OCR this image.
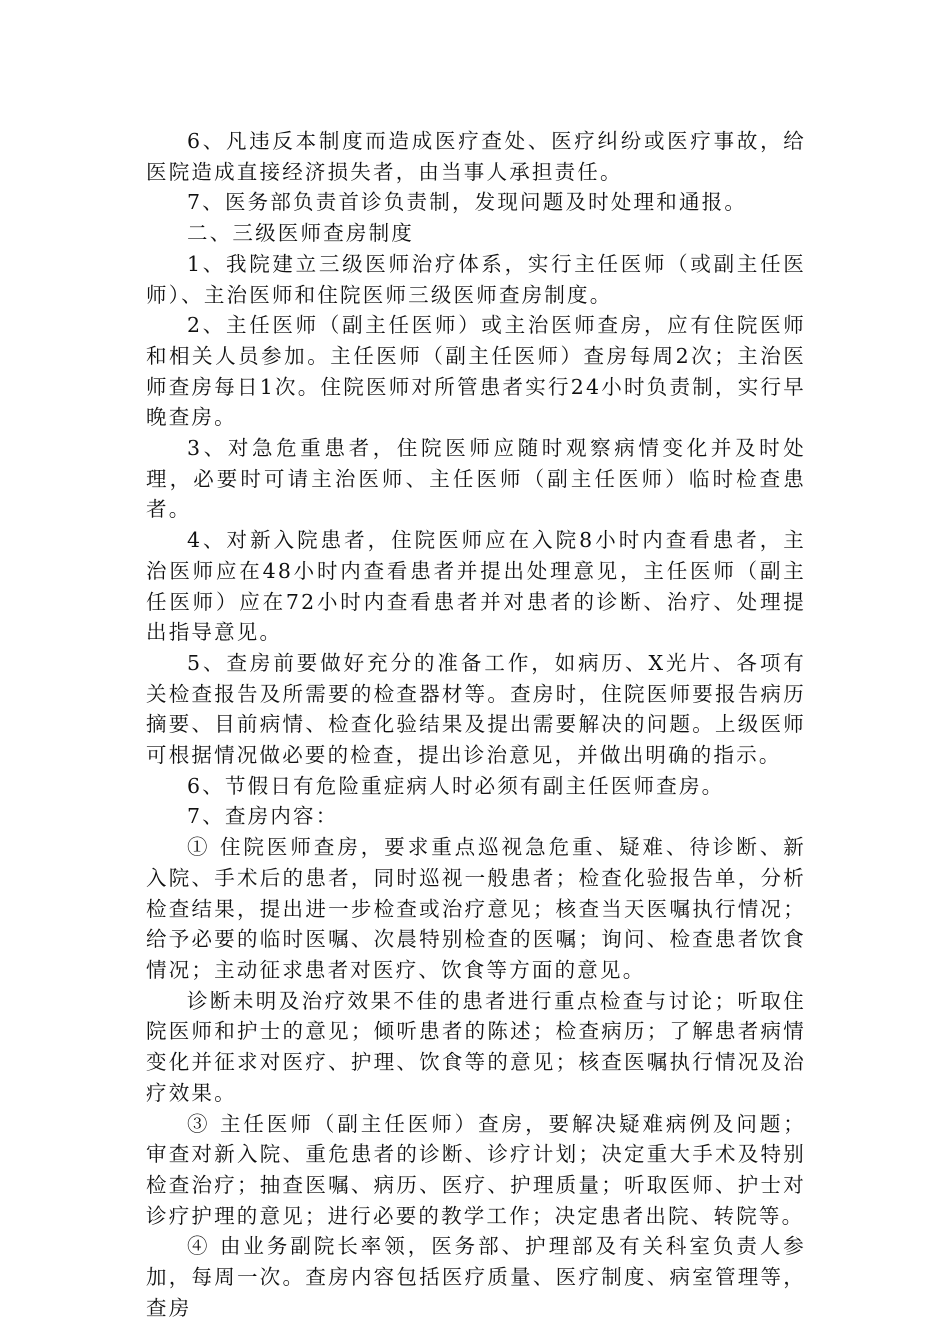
6、凡违反本制度而造成医疗查处、医疗纠纷或医疗事故，给医院造成直接经济损失者，由当事人承担责任。

7、医务部负责首诊负责制，发现问题及时处理和通报。

二、三级医师查房制度

1、我院建立三级医师治疗体系，实行主任医师（或副主任医师）、主治医师和住院医师三级医师查房制度。

2、主任医师（副主任医师）或主治医师查房，应有住院医师和相关人员参加。主任医师（副主任医师）查房每周2次；主治医师查房每日1次。住院医师对所管患者实行24小时负责制，实行早晚查房。

3、对急危重患者，住院医师应随时观察病情变化并及时处理，必要时可请主治医师、主任医师（副主任医师）临时检查患者。

4、对新入院患者，住院医师应在入院8小时内查看患者，主治医师应在48小时内查看患者并提出处理意见，主任医师（副主任医师）应在72小时内查看患者并对患者的诊断、治疗、处理提出指导意见。

5、查房前要做好充分的准备工作，如病历、X光片、各项有关检查报告及所需要的检查器材等。查房时，住院医师要报告病历摘要、目前病情、检查化验结果及提出需要解决的问题。上级医师可根据情况做必要的检查，提出诊治意见，并做出明确的指示。

6、节假日有危险重症病人时必须有副主任医师查房。

7、查房内容：

① 住院医师查房，要求重点巡视急危重、疑难、待诊断、新入院、手术后的患者，同时巡视一般患者；检查化验报告单，分析检查结果，提出进一步检查或治疗意见；核查当天医嘱执行情况；给予必要的临时医嘱、次晨特别检查的医嘱；询问、检查患者饮食情况；主动征求患者对医疗、饮食等方面的意见。

诊断未明及治疗效果不佳的患者进行重点检查与讨论；听取住院医师和护士的意见；倾听患者的陈述；检查病历；了解患者病情变化并征求对医疗、护理、饮食等的意见；核查医嘱执行情况及治疗效果。

③ 主任医师（副主任医师）查房，要解决疑难病例及问题；审查对新入院、重危患者的诊断、诊疗计划；决定重大手术及特别检查治疗；抽查医嘱、病历、医疗、护理质量；听取医师、护士对诊疗护理的意见；进行必要的教学工作；决定患者出院、转院等。

④ 由业务副院长率领，医务部、护理部及有关科室负责人参加，每周一次。查房内容包括医疗质量、医疗制度、病室管理等，查房
